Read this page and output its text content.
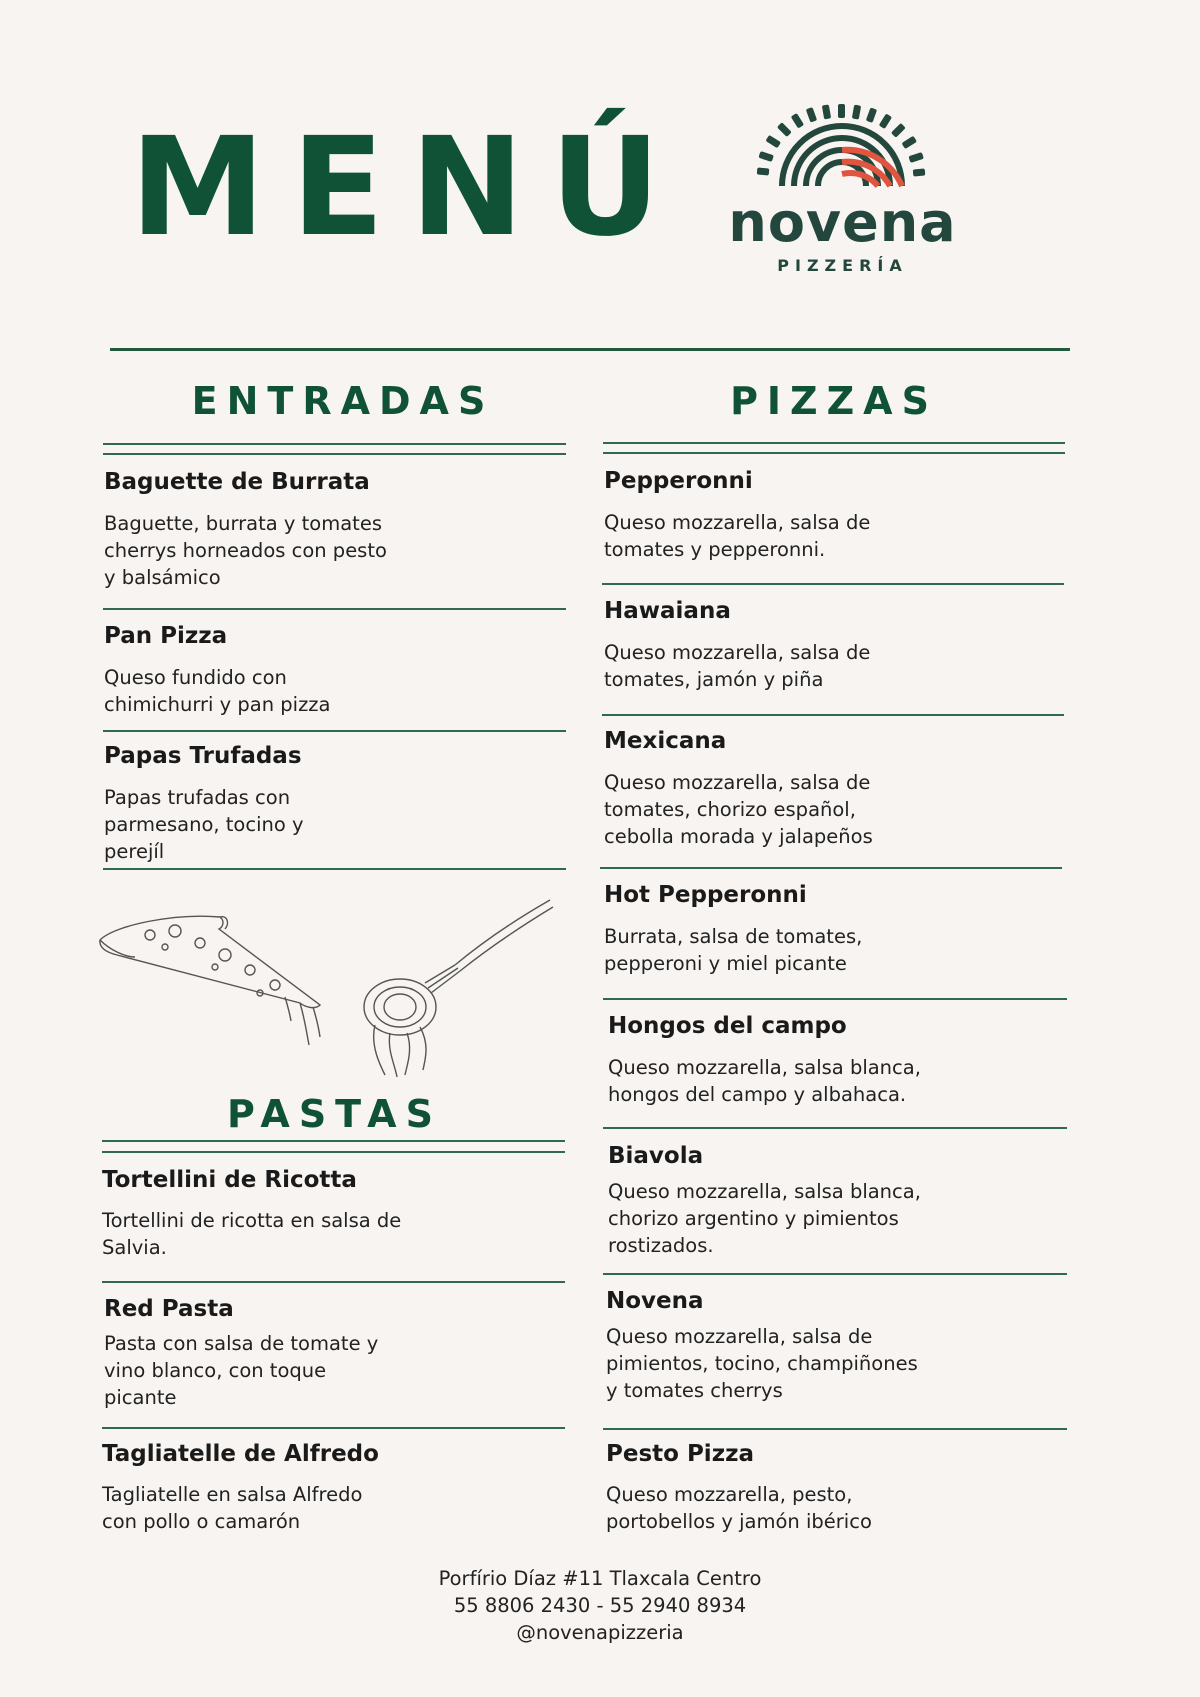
MENÚ novena
PIZZERÍA
ENTRADAS
Baguette de Burrata
Baguette, burrata y tomates
cherrys horneados con pesto
y balsámico
Pan Pizza
Queso fundido con
chimichurri y pan pizza
Papas Trufadas
Papas trufadas con
parmesano, tocino y
perejíl
PASTAS
Tortellini de Ricotta
Tortellini de ricotta en salsa de
Salvia.
Red Pasta
Pasta con salsa de tomate y
vino blanco, con toque
picante
Tagliatelle de Alfredo
Tagliatelle en salsa Alfredo
con pollo o camarón
PIZZAS
Pepperonni
Queso mozzarella, salsa de
tomates y pepperonni.
Hawaiana
Queso mozzarella, salsa de
tomates, jamón y piña
Mexicana
Queso mozzarella, salsa de
tomates, chorizo español,
cebolla morada y jalapeños
Hot Pepperonni
Burrata, salsa de tomates,
pepperoni y miel picante
Hongos del campo
Queso mozzarella, salsa blanca,
hongos del campo y albahaca.
Biavola
Queso mozzarella, salsa blanca,
chorizo argentino y pimientos
rostizados.
Novena
Queso mozzarella, salsa de
pimientos, tocino, champiñones
y tomates cherrys
Pesto Pizza
Queso mozzarella, pesto,
portobellos y jamón ibérico
Porfírio Díaz #11 Tlaxcala Centro
55 8806 2430 - 55 2940 8934
@novenapizzeria
